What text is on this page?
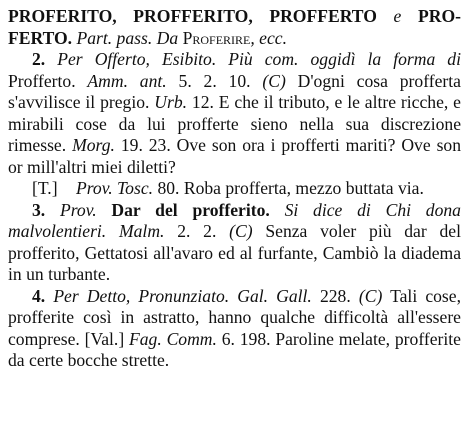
PROFERITO, PROFFERITO, PROFFERTO e PRO-FERTO. Part. pass. Da Proferire, ecc.

2. Per Offerto, Esibito. Più com. oggidì la forma di Profferto. Amm. ant. 5. 2. 10. (C) D'ogni cosa profferta s'avvilisce il pregio. Urb. 12. E che il tributo, e le altre ricche, e mirabili cose da lui profferte sieno nella sua discrezione rimesse. Morg. 19. 23. Ove son ora i profferti mariti? Ove son or mill'altri miei diletti?

[T.] Prov. Tosc. 80. Roba profferta, mezzo buttata via.

3. Prov. Dar del profferito. Si dice di Chi dona malvolentieri. Malm. 2. 2. (C) Senza voler più dar del profferito, Gettatosi all'avaro ed al furfante, Cambiò la diadema in un turbante.

4. Per Detto, Pronunziato. Gal. Gall. 228. (C) Tali cose, profferite così in astratto, hanno qualche difficoltà all'essere comprese. [Val.] Fag. Comm. 6. 198. Paroline melate, profferite da certe bocche strette.
